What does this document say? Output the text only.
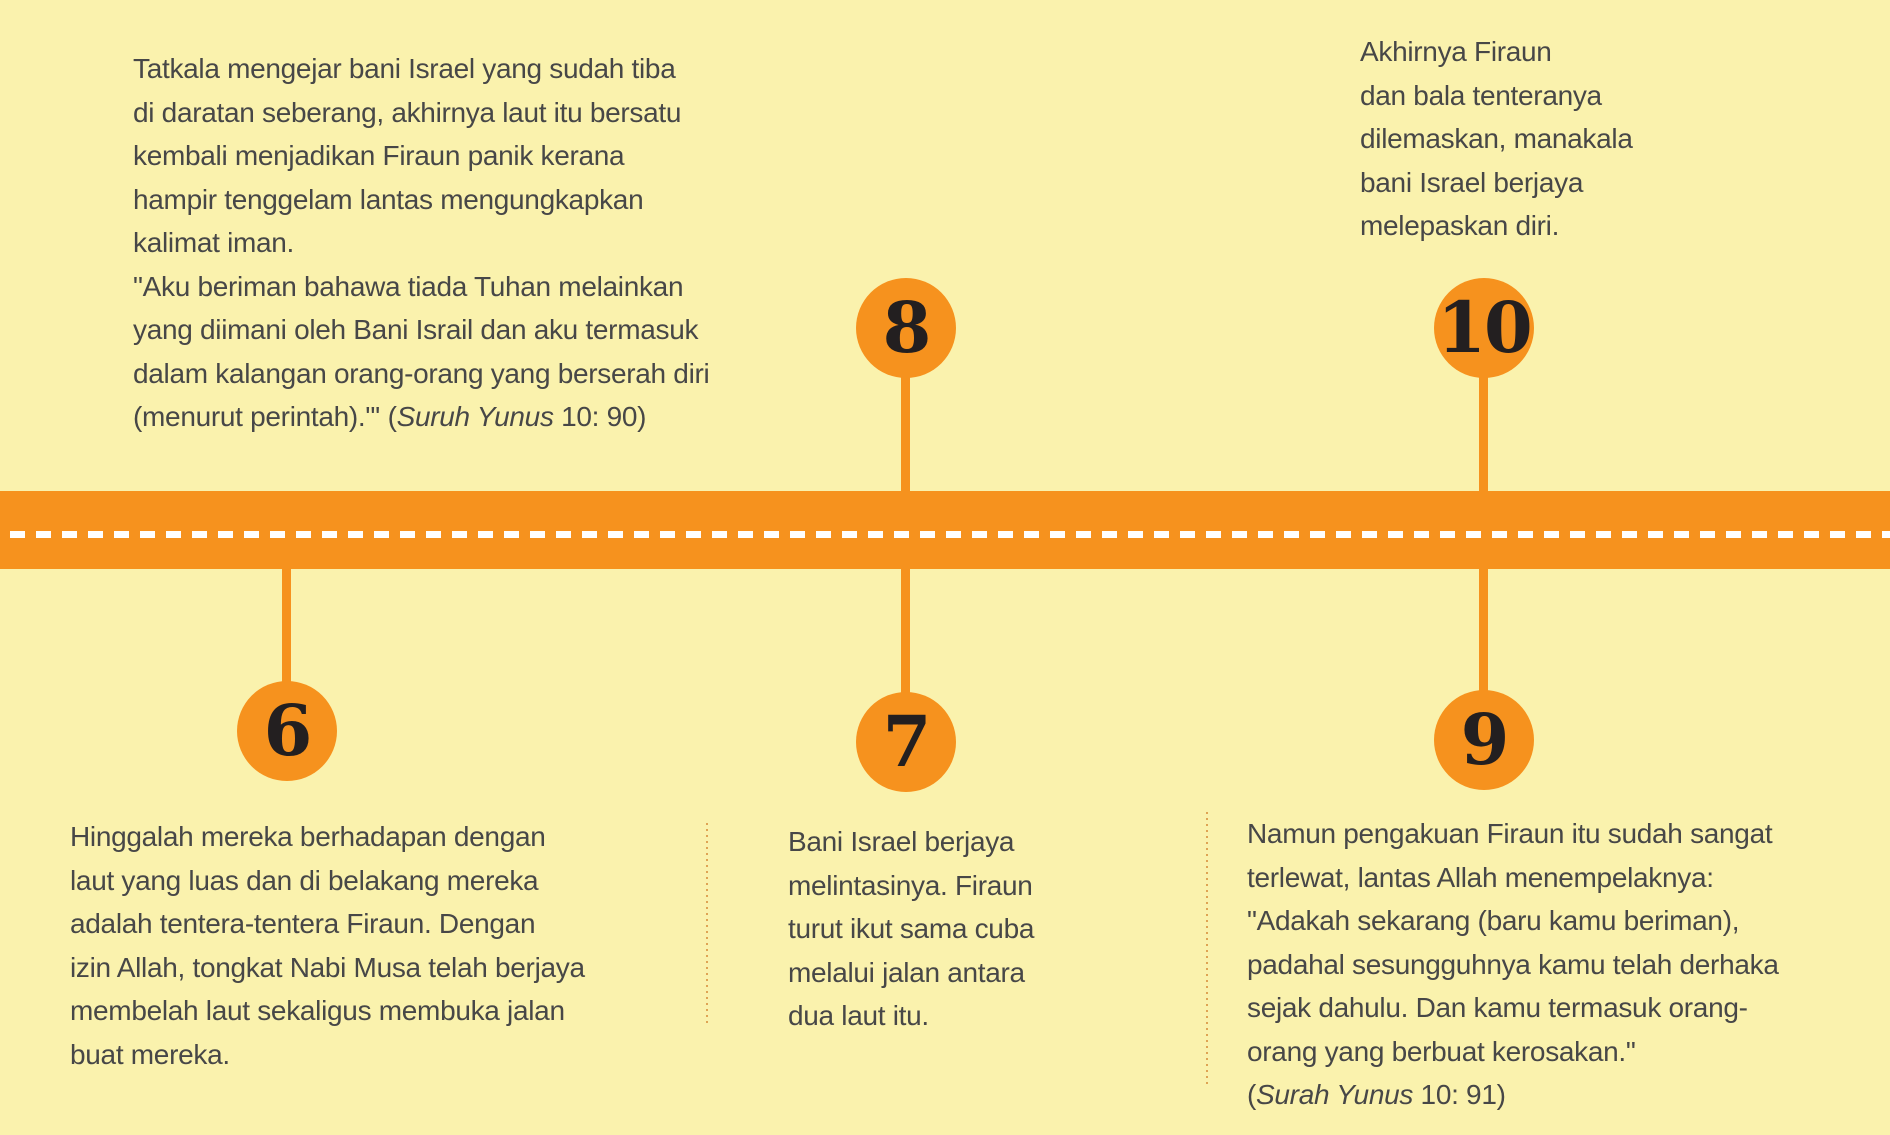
6	7
8
9
10
Tatkala mengejar bani Israel yang sudah tiba
di daratan seberang, akhirnya laut itu bersatu
kembali menjadikan Firaun panik kerana
hampir tenggelam lantas mengungkapkan
kalimat iman.
"Aku beriman bahawa tiada Tuhan melainkan
yang diimani oleh Bani Israil dan aku termasuk
dalam kalangan orang-orang yang berserah diri
(menurut perintah)."' (Suruh Yunus 10: 90)
Akhirnya Firaun
dan bala tenteranya
dilemaskan, manakala
bani Israel berjaya
melepaskan diri.
Hinggalah mereka berhadapan dengan
laut yang luas dan di belakang mereka
adalah tentera-tentera Firaun. Dengan
izin Allah, tongkat Nabi Musa telah berjaya
membelah laut sekaligus membuka jalan
buat mereka.
Bani Israel berjaya
melintasinya. Firaun
turut ikut sama cuba
melalui jalan antara
dua laut itu.
Namun pengakuan Firaun itu sudah sangat
terlewat, lantas Allah menempelaknya:
"Adakah sekarang (baru kamu beriman),
padahal sesungguhnya kamu telah derhaka
sejak dahulu. Dan kamu termasuk orang-
orang yang berbuat kerosakan."
(Surah Yunus 10: 91)
